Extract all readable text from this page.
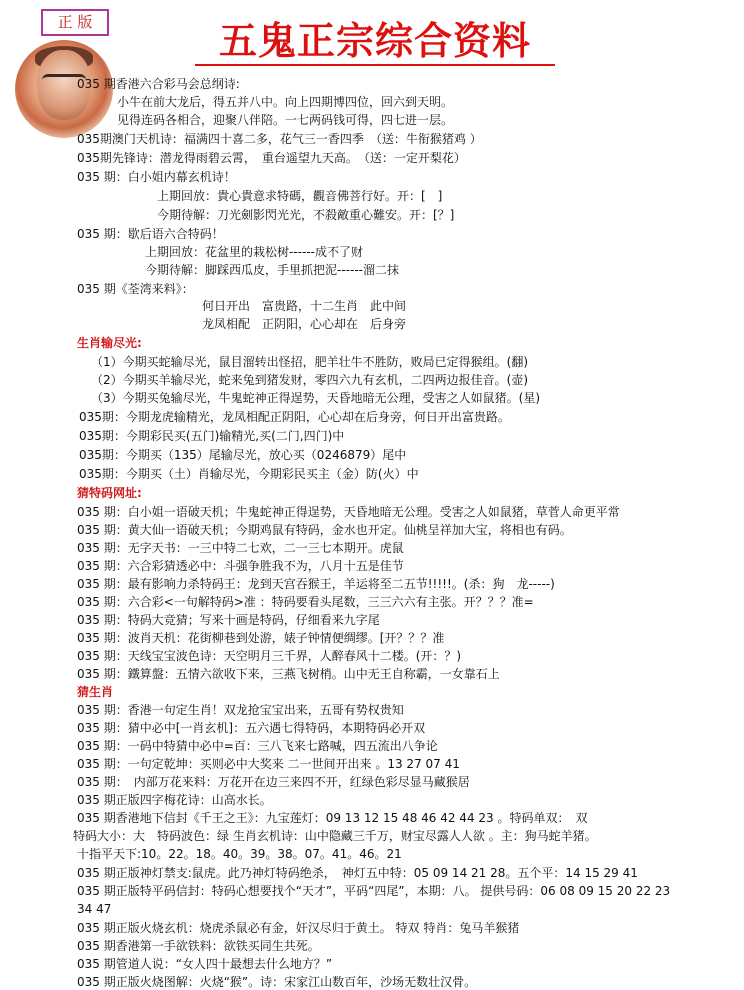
正 版	五鬼正宗综合资料
035 期香港六合彩马会总纲诗:
小牛在前大龙后，得五并八中。向上四期博四位，回六到天明。
见得连码各相合，迎聚八伴陪。一七两码钱可得，四七进一层。
035期澳门天机诗：福满四十喜二多，花气三一香四季　（送：牛衔猴猪鸡 ）
035期先锋诗：潜龙得雨碧云霄，　重台遥望九天高。　（送：一定开梨花）
035 期：白小姐内幕玄机诗！
上期回放：貴心貴意求特碼，觀音佛菩行好。开：[　]
今期待解：刀光劍影閃光光，不殺敵重心難安。开：[？]
035 期：歇后语六合特码！
上期回放：花盆里的栽松树------成不了财
今期待解：脚踩西瓜皮，手里抓把泥------溜二抹
035 期《荃湾来料》：
何日开出　富贵路，十二生肖　此中间
龙凤相配　正阴阳，心心却在　后身旁
生肖输尽光:
（1）今期买蛇输尽光，鼠目溜转出怪招，肥羊壮牛不胜防，败局已定得猴组。(翻)
（2）今期买羊输尽光，蛇来兔到猪发财，零四六九有玄机，二四两边报佳音。(壶)
（3）今期买兔输尽光，牛鬼蛇神正得逞势，天昏地暗无公理，受害之人如鼠猪。(星)
035期：今期龙虎输精光，龙凤相配正阴阳，心心却在后身旁，何日开出富贵路。
035期：今期彩民买(五门)输精光,买(二门,四门)中
035期：今期买（135）尾输尽光，放心买（0246879）尾中
035期：今期买（土）肖输尽光，今期彩民买主（金）防(火）中
猜特码网址:
035 期：白小姐一语破天机；牛鬼蛇神正得逞势，天昏地暗无公理。受害之人如鼠猪，草菅人命更平常
035 期：黄大仙一语破天机；今期鸡鼠有特码，金水也开定。仙桃呈祥加大宝，将相也有码。
035 期：无字天书：一三中特二七欢，二一三七本期开。虎鼠
035 期：六合彩猜透必中：斗强争胜我不为，八月十五是佳节
035 期：最有影响力杀特码王：龙到天宫吞猴王，羊运将至二五节!!!!!。(杀：狗　龙-----)
035 期：六合彩<一句解特码>准 ：特码要看头尾数，三三六六有主张。开？？？准=
035 期：特码大竞猜；写来十画是特码，仔细看来九字尾
035 期：波肖天机：花街柳巷到处游，婊子钟情便绸缪。[开？？？准
035 期：天线宝宝波色诗：天空明月三千界，人醉春风十二楼。(开：？)
035 期：鐵算盤：五情六欲收下来，三燕飞树梢。山中无王自称霸，一女靠石上
猜生肖
035 期：香港一句定生肖！双龙抢宝宝出来，五哥有势权贵知
035 期：猜中必中[一肖玄机]：五六遇七得特码，本期特码必开双
035 期：一码中特猜中必中=百：三八飞来七路喊，四五流出八争论
035 期：一句定乾坤：买则必中大奖来 二一世间开出来 。13 27 07 41
035 期：　内部万花来料：万花开在边三来四不开，红绿色彩尽显马藏猴居
035 期正版四字梅花诗：山高水长。
035 期香港地下信封《千王之王》：九宝莲灯：09 13 12 15 48 46 42 44 23 。特码单双：　双
特码大小：大　特码波色：绿 生肖玄机诗：山中隐藏三千万，财宝尽露人人欲 。主：狗马蛇羊猪。
十指平天下:10。22。18。40。39。38。07。41。46。21
035 期正版神灯禁支:鼠虎。此乃神灯特码绝杀，　神灯五中特：05 09 14 21 28。五个平：14 15 29 41
035 期正版特平码信封：特码心想要找个“天才”，平码“四尾”，本期：八。 提供号码：06 08 09 15 20 22 23
34 47
035 期正版火烧玄机：烧虎杀鼠必有金，奸汉尽归于黄土。 特双 特肖：兔马羊猴猪
035 期香港第一手欲铁料：欲铁买同生共死。
035 期管道人说：“女人四十最想去什么地方？”
035 期正版火烧图解：火烧“猴”。诗：宋家江山数百年，沙场无数壮汉骨。
